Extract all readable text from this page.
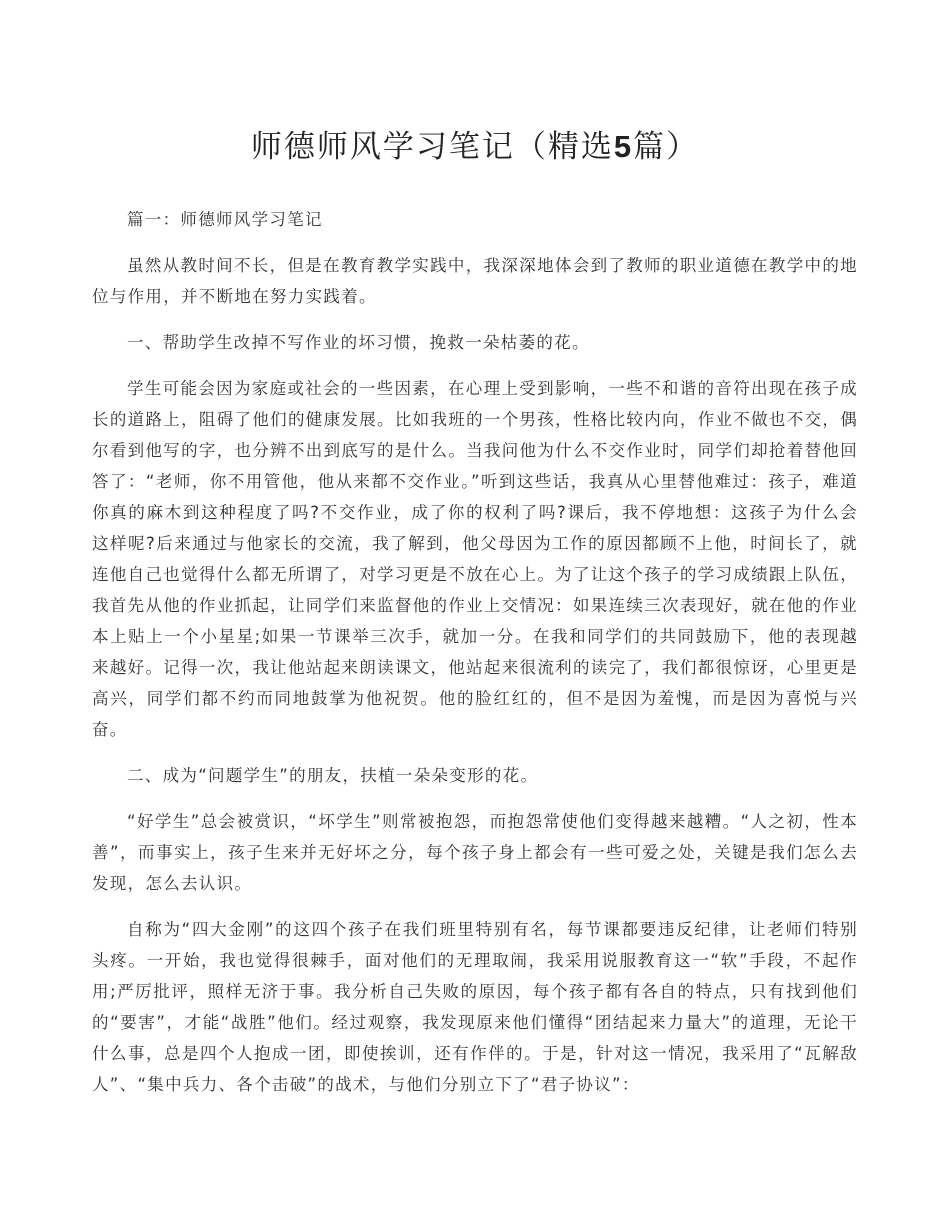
师德师风学习笔记（精选5篇）

篇一：师德师风学习笔记

虽然从教时间不长，但是在教育教学实践中，我深深地体会到了教师的职业道德在教学中的地位与作用，并不断地在努力实践着。

一、帮助学生改掉不写作业的坏习惯，挽救一朵枯萎的花。

学生可能会因为家庭或社会的一些因素，在心理上受到影响，一些不和谐的音符出现在孩子成长的道路上，阻碍了他们的健康发展。比如我班的一个男孩，性格比较内向，作业不做也不交，偶尔看到他写的字，也分辨不出到底写的是什么。当我问他为什么不交作业时，同学们却抢着替他回答了：“老师，你不用管他，他从来都不交作业。”听到这些话，我真从心里替他难过：孩子，难道你真的麻木到这种程度了吗?不交作业，成了你的权利了吗?课后，我不停地想：这孩子为什么会这样呢?后来通过与他家长的交流，我了解到，他父母因为工作的原因都顾不上他，时间长了，就连他自己也觉得什么都无所谓了，对学习更是不放在心上。为了让这个孩子的学习成绩跟上队伍，我首先从他的作业抓起，让同学们来监督他的作业上交情况：如果连续三次表现好，就在他的作业本上贴上一个小星星;如果一节课举三次手，就加一分。在我和同学们的共同鼓励下，他的表现越来越好。记得一次，我让他站起来朗读课文，他站起来很流利的读完了，我们都很惊讶，心里更是高兴，同学们都不约而同地鼓掌为他祝贺。他的脸红红的，但不是因为羞愧，而是因为喜悦与兴奋。

二、成为“问题学生”的朋友，扶植一朵朵变形的花。

“好学生”总会被赏识，“坏学生”则常被抱怨，而抱怨常使他们变得越来越糟。“人之初，性本善”，而事实上，孩子生来并无好坏之分，每个孩子身上都会有一些可爱之处，关键是我们怎么去发现，怎么去认识。

自称为“四大金刚”的这四个孩子在我们班里特别有名，每节课都要违反纪律，让老师们特别头疼。一开始，我也觉得很棘手，面对他们的无理取闹，我采用说服教育这一“软”手段，不起作用;严厉批评，照样无济于事。我分析自己失败的原因，每个孩子都有各自的特点，只有找到他们的“要害”，才能“战胜”他们。经过观察，我发现原来他们懂得“团结起来力量大”的道理，无论干什么事，总是四个人抱成一团，即使挨训，还有作伴的。于是，针对这一情况，我采用了“瓦解敌人”、“集中兵力、各个击破”的战术，与他们分别立下了“君子协议”：
